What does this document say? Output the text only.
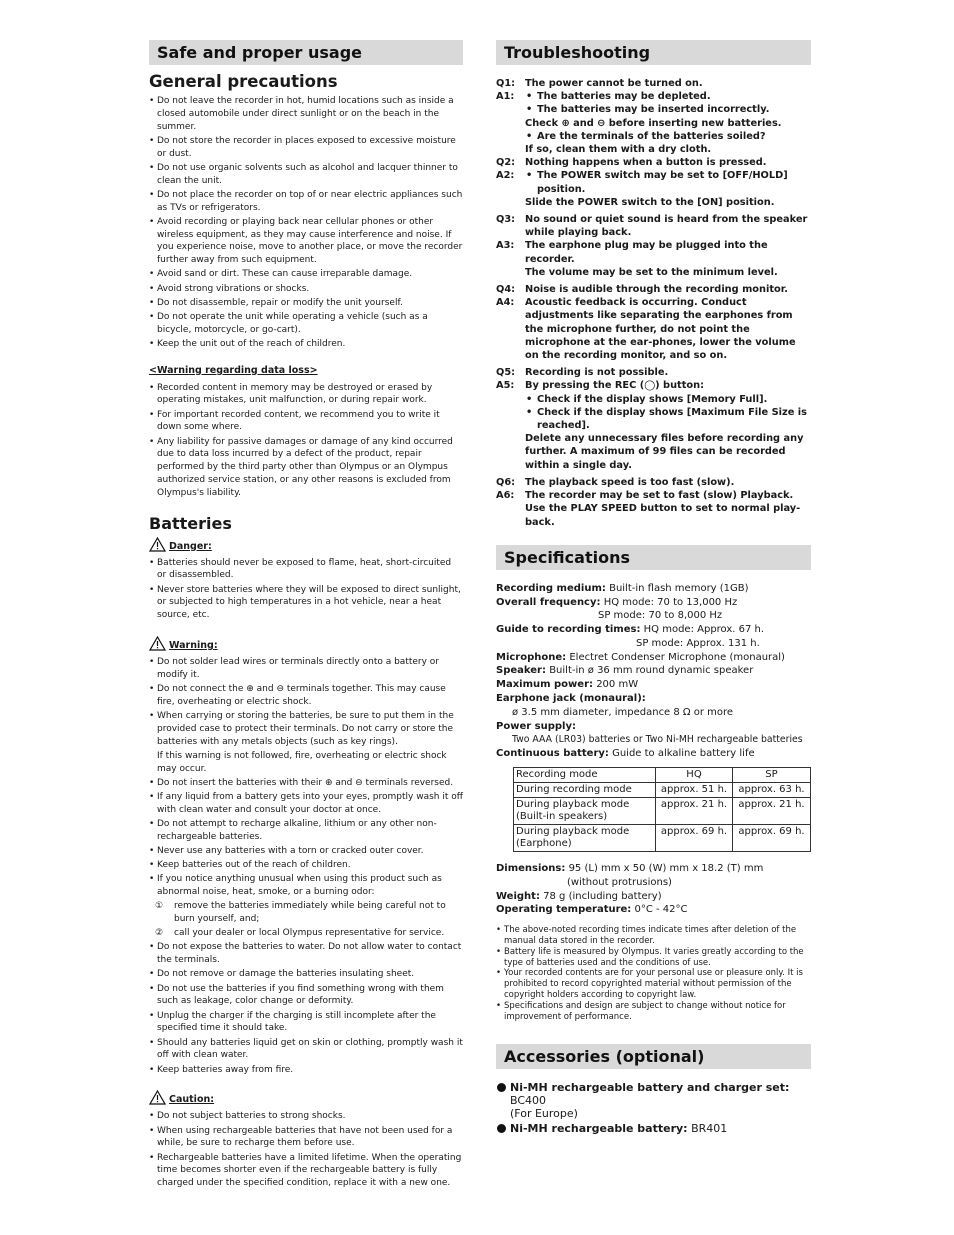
Safe and proper usage
General precautions
• Do not leave the recorder in hot, humid locations such as inside a closed automobile under direct sunlight or on the beach in the summer.
• Do not store the recorder in places exposed to excessive moisture or dust.
• Do not use organic solvents such as alcohol and lacquer thinner to clean the unit.
• Do not place the recorder on top of or near electric appliances such as TVs or refrigerators.
• Avoid recording or playing back near cellular phones or other wireless equipment, as they may cause interference and noise. If you experience noise, move to another place, or move the recorder further away from such equipment.
• Avoid sand or dirt. These can cause irreparable damage.
• Avoid strong vibrations or shocks.
• Do not disassemble, repair or modify the unit yourself.
• Do not operate the unit while operating a vehicle (such as a bicycle, motorcycle, or go-cart).
• Keep the unit out of the reach of children.
<Warning regarding data loss>
• Recorded content in memory may be destroyed or erased by operating mistakes, unit malfunction, or during repair work.
• For important recorded content, we recommend you to write it down some where.
• Any liability for passive damages or damage of any kind occurred due to data loss incurred by a defect of the product, repair performed by the third party other than Olympus or an Olympus authorized service station, or any other reasons is excluded from Olympus's liability.
Batteries
Danger:
• Batteries should never be exposed to flame, heat, short-circuited or disassembled.
• Never store batteries where they will be exposed to direct sunlight, or subjected to high temperatures in a hot vehicle, near a heat source, etc.
Warning:
• Do not solder lead wires or terminals directly onto a battery or modify it.
• Do not connect the ⊕ and ⊖ terminals together. This may cause fire, overheating or electric shock.
• When carrying or storing the batteries, be sure to put them in the provided case to protect their terminals. Do not carry or store the batteries with any metals objects (such as key rings).
If this warning is not followed, fire, overheating or electric shock may occur.
• Do not insert the batteries with their ⊕ and ⊖ terminals reversed.
• If any liquid from a battery gets into your eyes, promptly wash it off with clean water and consult your doctor at once.
• Do not attempt to recharge alkaline, lithium or any other non-rechargeable batteries.
• Never use any batteries with a torn or cracked outer cover.
• Keep batteries out of the reach of children.
• If you notice anything unusual when using this product such as abnormal noise, heat, smoke, or a burning odor:
① remove the batteries immediately while being careful not to burn yourself, and;
② call your dealer or local Olympus representative for service.
• Do not expose the batteries to water. Do not allow water to contact the terminals.
• Do not remove or damage the batteries insulating sheet.
• Do not use the batteries if you find something wrong with them such as leakage, color change or deformity.
• Unplug the charger if the charging is still incomplete after the specified time it should take.
• Should any batteries liquid get on skin or clothing, promptly wash it off with clean water.
• Keep batteries away from fire.
Caution:
• Do not subject batteries to strong shocks.
• When using rechargeable batteries that have not been used for a while, be sure to recharge them before use.
• Rechargeable batteries have a limited lifetime. When the operating time becomes shorter even if the rechargeable battery is fully charged under the specified condition, replace it with a new one.
Troubleshooting
Q1:	The power cannot be turned on.
A1:	• The batteries may be depleted.
• The batteries may be inserted incorrectly.
Check ⊕ and ⊖ before inserting new batteries.
• Are the terminals of the batteries soiled?
If so, clean them with a dry cloth.
Q2:	Nothing happens when a button is pressed.
A2:	• The POWER switch may be set to [OFF/HOLD] position.
Slide the POWER switch to the [ON] position.
Q3:	No sound or quiet sound is heard from the speaker while playing back.
A3:	The earphone plug may be plugged into the recorder.
The volume may be set to the minimum level.
Q4:	Noise is audible through the recording monitor.
A4:	Acoustic feedback is occurring. Conduct adjustments like separating the earphones from the microphone further, do not point the microphone at the ear-phones, lower the volume on the recording monitor, and so on.
Q5:	Recording is not possible.
A5:	By pressing the REC (◯) button:
• Check if the display shows [Memory Full].
• Check if the display shows [Maximum File Size is reached].
Delete any unnecessary files before recording any further. A maximum of 99 files can be recorded within a single day.
Q6:	The playback speed is too fast (slow).
A6:	The recorder may be set to fast (slow) Playback. Use the PLAY SPEED button to set to normal play-back.
Specifications
Recording medium: Built-in flash memory (1GB)
Overall frequency: HQ mode: 70 to 13,000 Hz
SP mode: 70 to 8,000 Hz
Guide to recording times: HQ mode: Approx. 67 h.
SP mode: Approx. 131 h.
Microphone: Electret Condenser Microphone (monaural)
Speaker: Built-in ø 36 mm round dynamic speaker
Maximum power: 200 mW
Earphone jack (monaural):
ø 3.5 mm diameter, impedance 8 Ω or more
Power supply:
Two AAA (LR03) batteries or Two Ni-MH rechargeable batteries
Continuous battery: Guide to alkaline battery life
Recording mode	HQ	SP
During recording mode	approx. 51 h.	approx. 63 h.
During playback mode (Built-in speakers)	approx. 21 h.	approx. 21 h.
During playback mode (Earphone)	approx. 69 h.	approx. 69 h.
Dimensions: 95 (L) mm x 50 (W) mm x 18.2 (T) mm
(without protrusions)
Weight: 78 g (including battery)
Operating temperature: 0°C - 42°C
• The above-noted recording times indicate times after deletion of the manual data stored in the recorder.
• Battery life is measured by Olympus. It varies greatly according to the type of batteries used and the conditions of use.
• Your recorded contents are for your personal use or pleasure only. It is prohibited to record copyrighted material without permission of the copyright holders according to copyright law.
• Specifications and design are subject to change without notice for improvement of performance.
Accessories (optional)
Ni-MH rechargeable battery and charger set: BC400
(For Europe)
Ni-MH rechargeable battery: BR401
